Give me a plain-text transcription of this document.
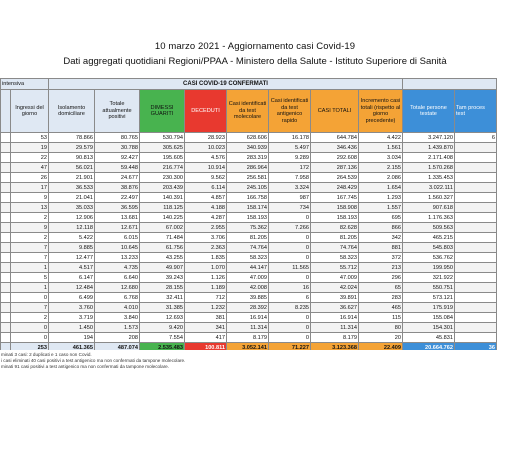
10 marzo 2021 - Aggiornamento casi Covid-19
Dati aggregati quotidiani Regioni/PPAA - Ministero della Salute - Istituto Superiore di Sanità
intensiva		CASI COVID-19 CONFERMATI									
	Ingressi del giorno	Isolamento domiciliare	Totale attualmente positivi	DIMESSI GUARITI	DECEDUTI	Casi identificati da test molecolare	Casi identificati da test antigenico rapido	CASI TOTALI	Incremento casi totali (rispetto al giorno precedente)	Totale persone testate	Tam proces test
	53	78.866	80.765	530.794	28.923	628.606	16.178	644.784	4.422	3.247.120	6
	19	29.579	30.788	305.625	10.023	340.939	5.497	346.436	1.561	1.439.870	
	22	90.813	92.427	195.605	4.576	283.319	9.289	292.608	3.034	2.171.408	
	47	56.021	59.448	216.774	10.914	286.964	172	287.136	2.155	1.570.268	
	26	21.901	24.677	230.300	9.562	256.581	7.958	264.539	2.086	1.335.453	
	17	36.533	38.876	203.439	6.114	245.105	3.324	248.429	1.654	3.022.111	
	9	21.041	22.497	140.391	4.857	166.758	987	167.745	1.293	1.560.327	
	13	35.033	36.595	118.125	4.188	158.174	734	158.908	1.557	907.618	
	2	12.906	13.681	140.225	4.287	158.193	0	158.193	695	1.176.363	
	9	12.118	12.671	67.002	2.955	75.362	7.266	82.628	866	509.563	
	2	5.422	6.015	71.484	3.706	81.205	0	81.205	342	465.215	
	7	9.885	10.645	61.756	2.363	74.764	0	74.764	881	545.803	
	7	12.477	13.233	43.255	1.835	58.323	0	58.323	372	536.762	
	1	4.517	4.735	49.907	1.070	44.147	11.565	55.712	213	199.950	
	5	6.147	6.640	39.243	1.126	47.009	0	47.009	296	321.922	
	1	12.484	12.680	28.155	1.189	42.008	16	42.024	65	550.751	
	0	6.499	6.768	32.411	712	39.885	6	39.891	283	573.121	
	7	3.760	4.010	31.385	1.232	28.392	8.235	36.627	465	175.919	
	2	3.719	3.840	12.693	381	16.914	0	16.914	115	155.084	
	0	1.450	1.573	9.420	341	11.314	0	11.314	80	154.301	
	0	194	208	7.554	417	8.179	0	8.179	20	45.831	
	253	461.365	487.074	2.535.483	100.811	3.052.141	71.227	3.123.368	22.409	20.664.762	36
minati 3 casi: 2 duplicati e 1 caso non Covid.
i casi eliminati 40 casi positivi a test antigenico ma non confermati da tampone molecolare.
minati 91 casi positivi a test antigenico ma non confermati da tampone molecolare.
